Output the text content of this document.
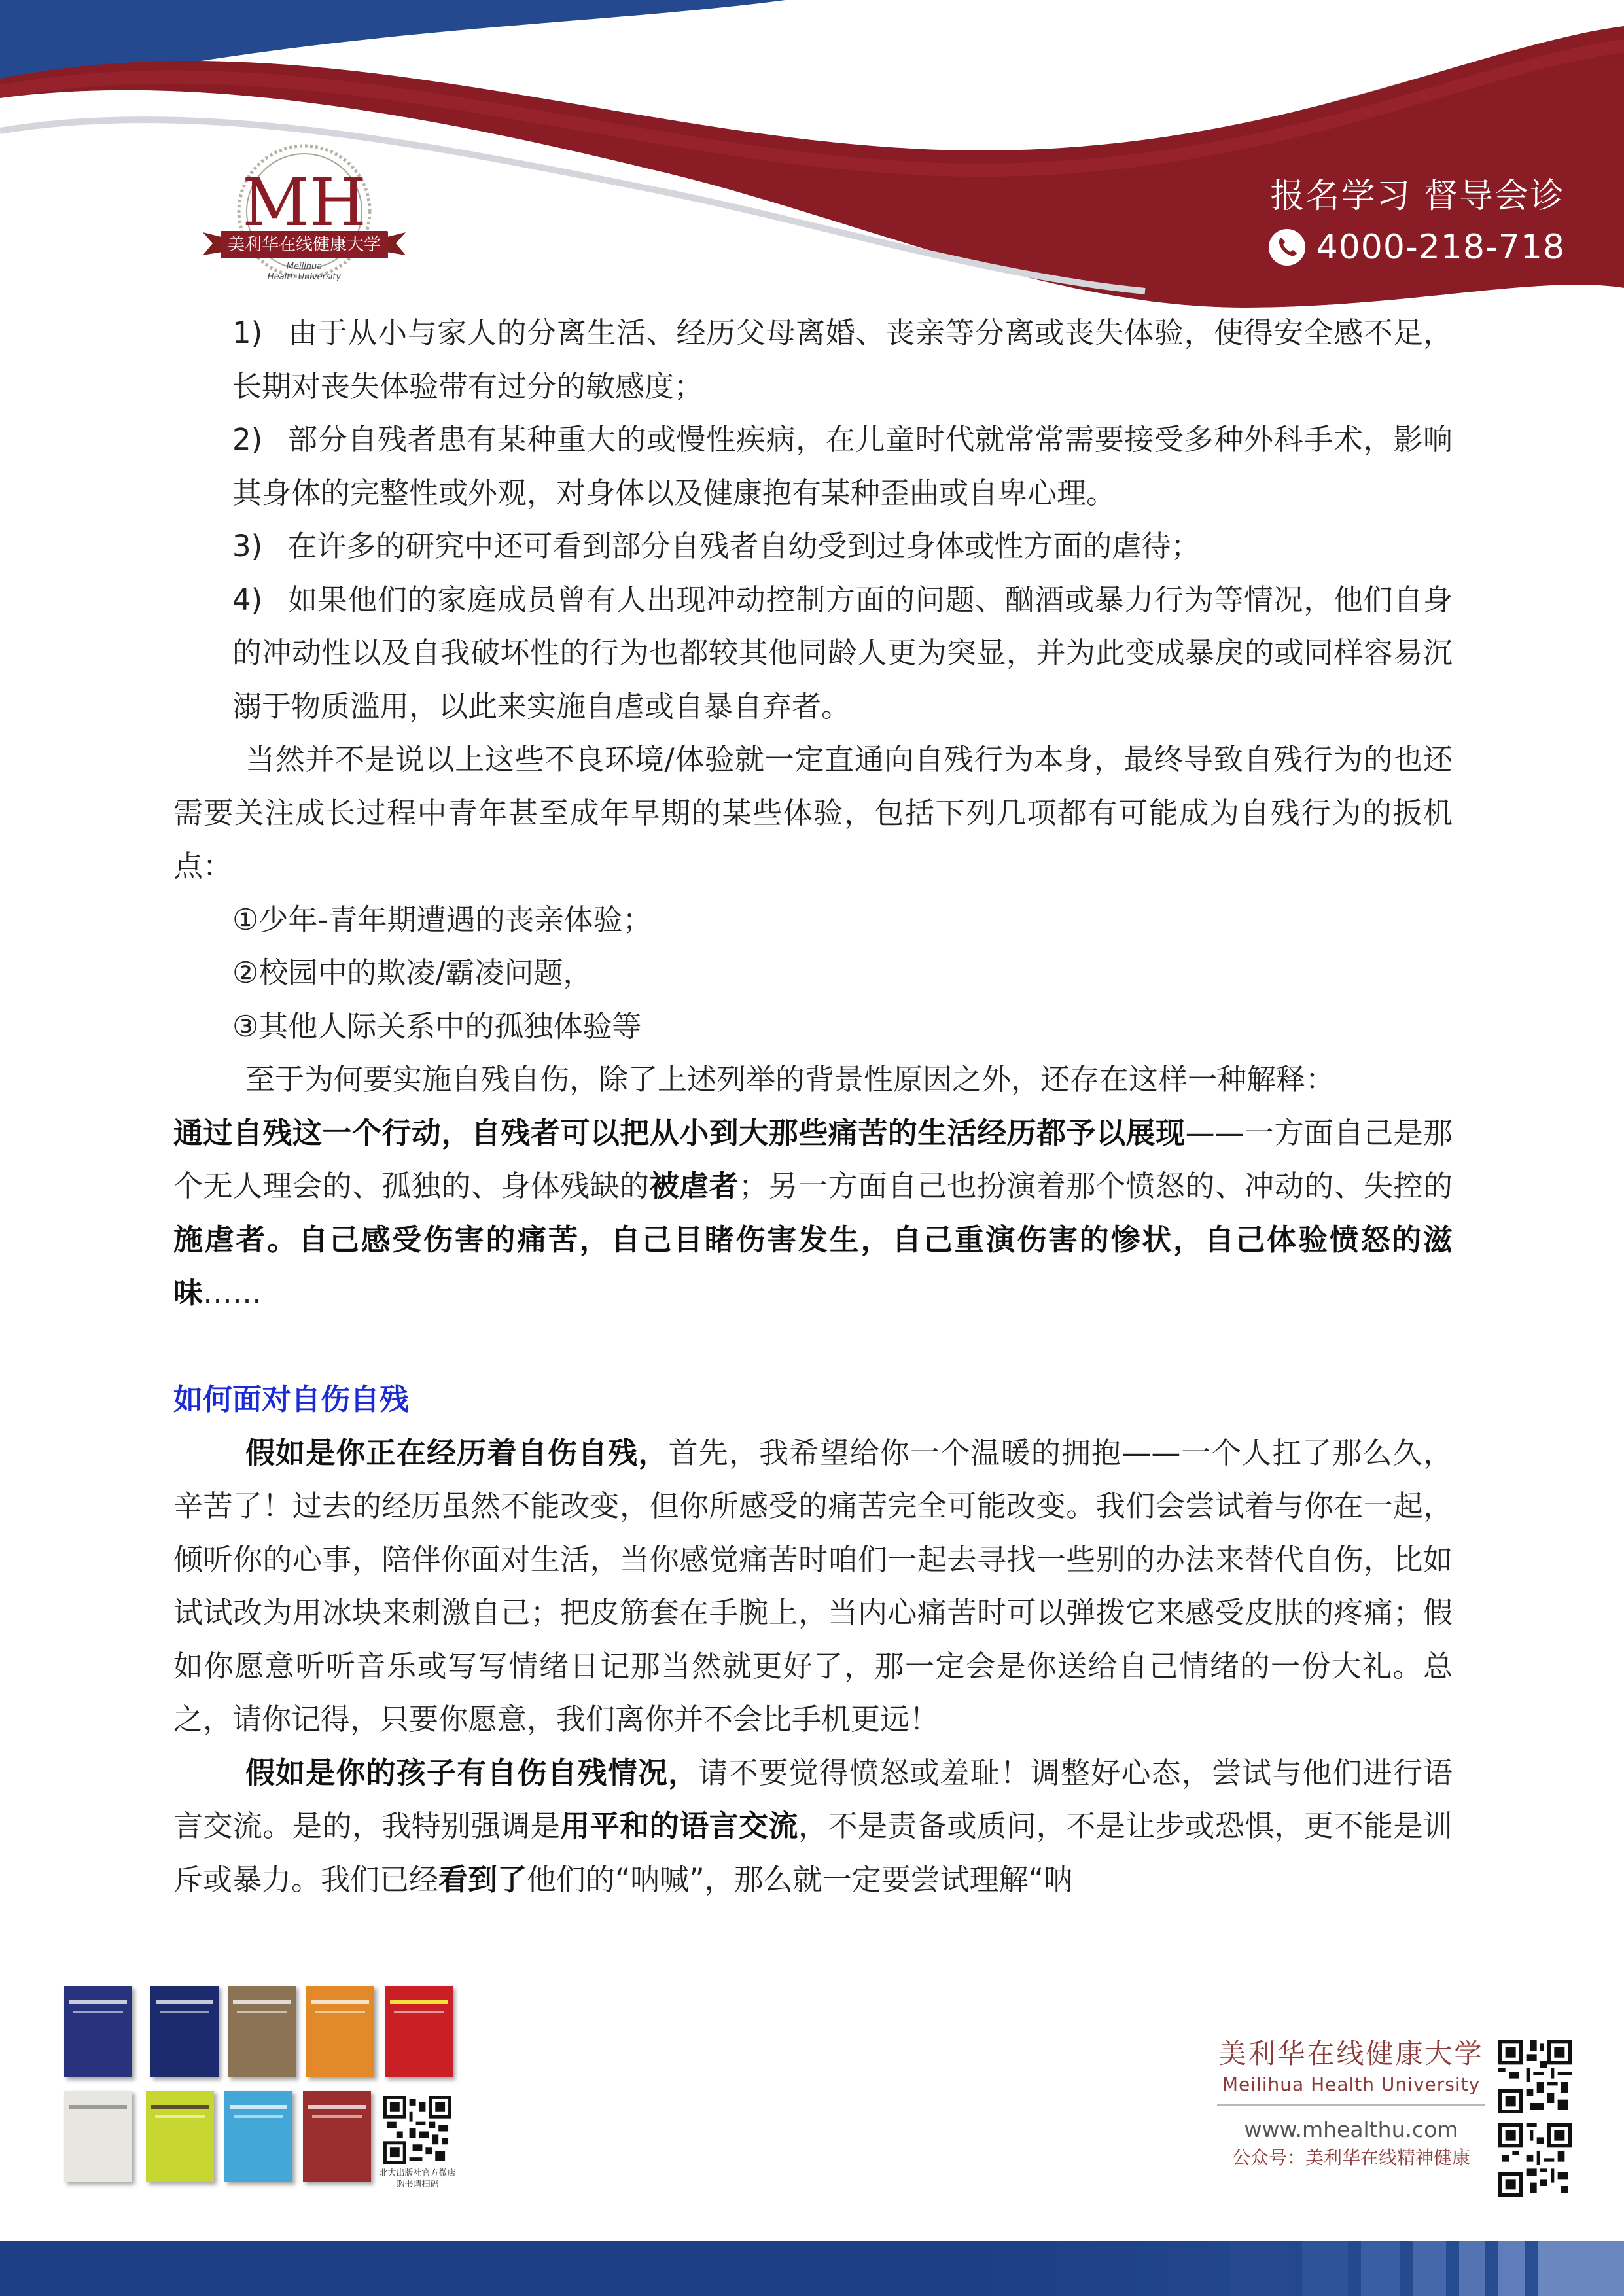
MH
美利华在线健康大学
Meilihua
Health University
报名学习 督导会诊
4000-218-718

1) 由于从小与家人的分离生活、经历父母离婚、丧亲等分离或丧失体验，使得安全感不足，长期对丧失体验带有过分的敏感度；

2) 部分自残者患有某种重大的或慢性疾病，在儿童时代就常常需要接受多种外科手术，影响其身体的完整性或外观，对身体以及健康抱有某种歪曲或自卑心理。

3) 在许多的研究中还可看到部分自残者自幼受到过身体或性方面的虐待；

4) 如果他们的家庭成员曾有人出现冲动控制方面的问题、酗酒或暴力行为等情况，他们自身的冲动性以及自我破坏性的行为也都较其他同龄人更为突显，并为此变成暴戾的或同样容易沉溺于物质滥用，以此来实施自虐或自暴自弃者。

当然并不是说以上这些不良环境/体验就一定直通向自残行为本身，最终导致自残行为的也还需要关注成长过程中青年甚至成年早期的某些体验，包括下列几项都有可能成为自残行为的扳机点：

①少年-青年期遭遇的丧亲体验；

②校园中的欺凌/霸凌问题，

③其他人际关系中的孤独体验等

至于为何要实施自残自伤，除了上述列举的背景性原因之外，还存在这样一种解释：

通过自残这一个行动，自残者可以把从小到大那些痛苦的生活经历都予以展现——一方面自己是那个无人理会的、孤独的、身体残缺的被虐者；另一方面自己也扮演着那个愤怒的、冲动的、失控的施虐者。自己感受伤害的痛苦，自己目睹伤害发生，自己重演伤害的惨状，自己体验愤怒的滋味……

如何面对自伤自残

假如是你正在经历着自伤自残，首先，我希望给你一个温暖的拥抱——一个人扛了那么久，辛苦了！过去的经历虽然不能改变，但你所感受的痛苦完全可能改变。我们会尝试着与你在一起，倾听你的心事，陪伴你面对生活，当你感觉痛苦时咱们一起去寻找一些别的办法来替代自伤，比如试试改为用冰块来刺激自己；把皮筋套在手腕上，当内心痛苦时可以弹拨它来感受皮肤的疼痛；假如你愿意听听音乐或写写情绪日记那当然就更好了，那一定会是你送给自己情绪的一份大礼。总之，请你记得，只要你愿意，我们离你并不会比手机更远！

假如是你的孩子有自伤自残情况，请不要觉得愤怒或羞耻！调整好心态，尝试与他们进行语言交流。是的，我特别强调是用平和的语言交流，不是责备或质问，不是让步或恐惧，更不能是训斥或暴力。我们已经看到了他们的“呐喊”，那么就一定要尝试理解“呐

北大出版社官方微店
购书请扫码
美利华在线健康大学
Meilihua Health University
www.mhealthu.com
公众号：美利华在线精神健康
